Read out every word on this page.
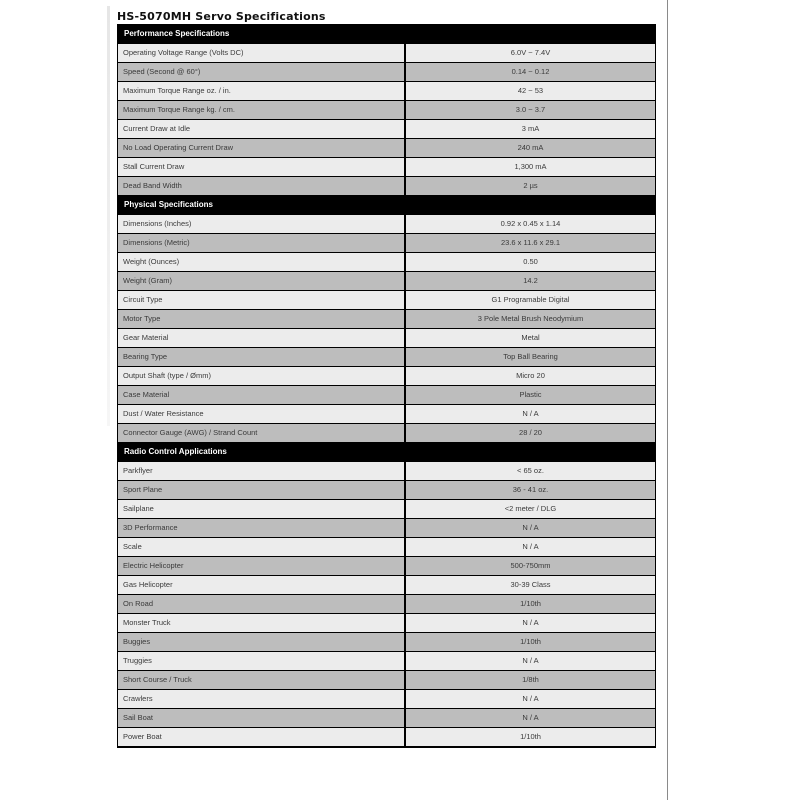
HS-5070MH Servo Specifications
Performance Specifications
Operating Voltage Range (Volts DC)	6.0V ~ 7.4V
Speed (Second @ 60°)	0.14 ~ 0.12
Maximum Torque Range oz. / in.	42 ~ 53
Maximum Torque Range kg. / cm.	3.0 ~ 3.7
Current Draw at Idle	3 mA
No Load Operating Current Draw	240 mA
Stall Current Draw	1,300 mA
Dead Band Width	2 µs
Physical Specifications
Dimensions (Inches)	0.92 x 0.45 x 1.14
Dimensions (Metric)	23.6 x 11.6 x 29.1
Weight (Ounces)	0.50
Weight (Gram)	14.2
Circuit Type	G1 Programable Digital
Motor Type	3 Pole Metal Brush Neodymium
Gear Material	Metal
Bearing Type	Top Ball Bearing
Output Shaft (type / Ømm)	Micro 20
Case Material	Plastic
Dust / Water Resistance	N / A
Connector Gauge (AWG) / Strand Count	28 / 20
Radio Control Applications
Parkflyer	< 65 oz.
Sport Plane	36 - 41 oz.
Sailplane	<2 meter / DLG
3D Performance	N / A
Scale	N / A
Electric Helicopter	500-750mm
Gas Helicopter	30-39 Class
On Road	1/10th
Monster Truck	N / A
Buggies	1/10th
Truggies	N / A
Short Course / Truck	1/8th
Crawlers	N / A
Sail Boat	N / A
Power Boat	1/10th
